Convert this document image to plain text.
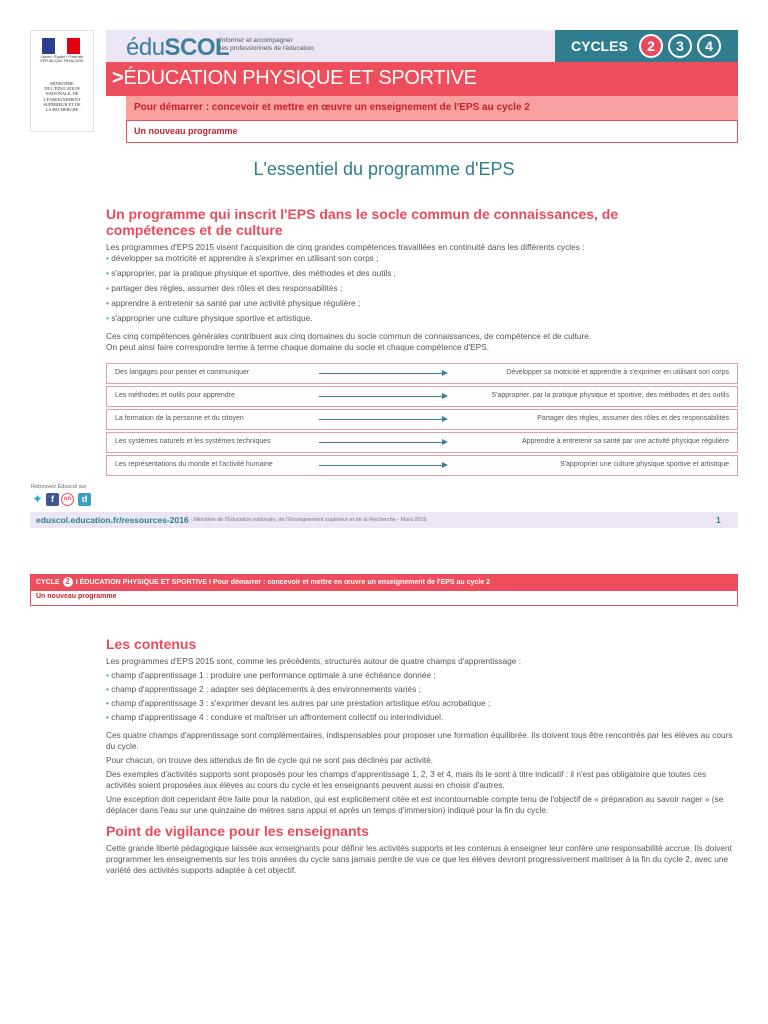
Liberté • Égalité • Fraternité RÉPUBLIQUE FRANÇAISE
MINISTÈRE
DE L'ÉDUCATION
NATIONALE, DE
L'ENSEIGNEMENT
SUPÉRIEUR ET DE
LA RECHERCHE
éduSCOL
Informer et accompagner
les professionnels de l'éducation	CYCLES	2	3	4
>ÉDUCATION PHYSIQUE ET SPORTIVE
Pour démarrer : concevoir et mettre en œuvre un enseignement de l'EPS au cycle 2
Un nouveau programme
L'essentiel du programme d'EPS
Un programme qui inscrit l'EPS dans le socle commun de connaissances, de compétences et de culture
Les programmes d'EPS 2015 visent l'acquisition de cinq grandes compétences travaillées en continuité dans les différents cycles :
• développer sa motricité et apprendre à s'exprimer en utilisant son corps ;
• s'approprier, par la pratique physique et sportive, des méthodes et des outils ;
• partager des règles, assumer des rôles et des responsabilités ;
• apprendre à entretenir sa santé par une activité physique régulière ;
• s'approprier une culture physique sportive et artistique.
Ces cinq compétences générales contribuent aux cinq domaines du socle commun de connaissances, de compétence et de culture.
On peut ainsi faire correspondre terme à terme chaque domaine du socle et chaque compétence d'EPS.
Des langages pour penser et communiquer	Développer sa motricité et apprendre à s'exprimer en utilisant son corps
Les méthodes et outils pour apprendre	S'approprier, par la pratique physique et sportive, des méthodes et des outils
La formation de la personne et du citoyen	Partager des règles, assumer des rôles et des responsabilités
Les systèmes naturels et les systèmes techniques	Apprendre à entretenir sa santé par une activité physique régulière
Les représentations du monde et l'activité humaine	S'approprier une culture physique sportive et artistique
Retrouvez Éduscol sur
✦ f	on	d
eduscol.education.fr/ressources-2016 - Ministère de l'Éducation nationale, de l'Enseignement supérieur et de la Recherche - Mars 2016	1
CYCLE 2 I ÉDUCATION PHYSIQUE ET SPORTIVE I Pour démarrer : concevoir et mettre en œuvre un enseignement de l'EPS au cycle 2
Un nouveau programme
Les contenus
Les programmes d'EPS 2015 sont, comme les précédents, structurés autour de quatre champs d'apprentissage :
• champ d'apprentissage 1 : produire une performance optimale à une échéance donnée ;
• champ d'apprentissage 2 : adapter ses déplacements à des environnements variés ;
• champ d'apprentissage 3 : s'exprimer devant les autres par une prestation artistique et/ou acrobatique ;
• champ d'apprentissage 4 : conduire et maîtriser un affrontement collectif ou interindividuel.
Ces quatre champs d'apprentissage sont complémentaires, indispensables pour proposer une formation équilibrée. Ils doivent tous être rencontrés par les élèves au cours du cycle.
Pour chacun, on trouve des attendus de fin de cycle qui ne sont pas déclinés par activité.
Des exemples d'activités supports sont proposés pour les champs d'apprentissage 1, 2, 3 et 4, mais ils le sont à titre indicatif : il n'est pas obligatoire que toutes ces activités soient proposées aux élèves au cours du cycle et les enseignants peuvent aussi en choisir d'autres.
Une exception doit cependant être faite pour la natation, qui est explicitement citée et est incontournable compte tenu de l'objectif de « préparation au savoir nager » (se déplacer dans l'eau sur une quinzaine de mètres sans appui et après un temps d'immersion) indiqué pour la fin du cycle.
Point de vigilance pour les enseignants
Cette grande liberté pédagogique laissée aux enseignants pour définir les activités supports et les contenus à enseigner leur confère une responsabilité accrue. Ils doivent programmer les enseignements sur les trois années du cycle sans jamais perdre de vue ce que les élèves devront progressivement maitriser à la fin du cycle 2, avec une variété des activités supports adaptée à cet objectif.
